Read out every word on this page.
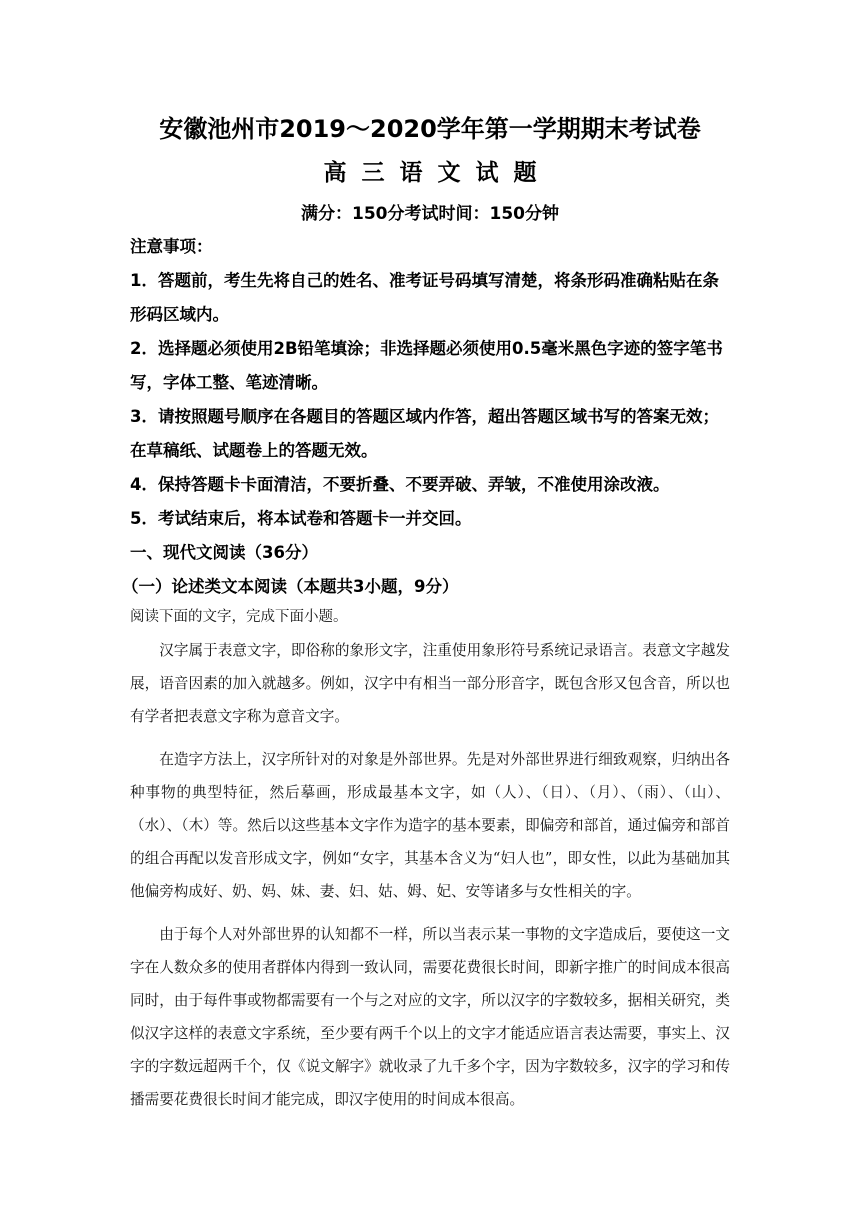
安徽池州市2019～2020学年第一学期期末考试卷
高三语文试题
满分：150分考试时间：150分钟

注意事项：

1．答题前，考生先将自己的姓名、准考证号码填写清楚，将条形码准确粘贴在条形码区域内。

2．选择题必须使用2B铅笔填涂；非选择题必须使用0.5毫米黑色字迹的签字笔书写，字体工整、笔迹清晰。

3．请按照题号顺序在各题目的答题区域内作答，超出答题区域书写的答案无效；在草稿纸、试题卷上的答题无效。

4．保持答题卡卡面清洁，不要折叠、不要弄破、弄皱，不准使用涂改液。

5．考试结束后，将本试卷和答题卡一并交回。

一、现代文阅读（36分）

（一）论述类文本阅读（本题共3小题，9分）

阅读下面的文字，完成下面小题。

汉字属于表意文字，即俗称的象形文字，注重使用象形符号系统记录语言。表意文字越发展，语音因素的加入就越多。例如，汉字中有相当一部分形音字，既包含形又包含音，所以也有学者把表意文字称为意音文字。

在造字方法上，汉字所针对的对象是外部世界。先是对外部世界进行细致观察，归纳出各种事物的典型特征，然后摹画，形成最基本文字，如（人）、（日）、（月）、（雨）、（山）、（水）、（木）等。然后以这些基本文字作为造字的基本要素，即偏旁和部首，通过偏旁和部首的组合再配以发音形成文字，例如“女字，其基本含义为“妇人也”，即女性，以此为基础加其他偏旁构成好、奶、妈、妹、妻、妇、姑、姆、妃、安等诸多与女性相关的字。

由于每个人对外部世界的认知都不一样，所以当表示某一事物的文字造成后，要使这一文字在人数众多的使用者群体内得到一致认同，需要花费很长时间，即新字推广的时间成本很高同时，由于每件事或物都需要有一个与之对应的文字，所以汉字的字数较多，据相关研究，类似汉字这样的表意文字系统，至少要有两千个以上的文字才能适应语言表达需要，事实上、汉字的字数远超两千个，仅《说文解字》就收录了九千多个字，因为字数较多，汉字的学习和传播需要花费很长时间才能完成，即汉字使用的时间成本很高。
